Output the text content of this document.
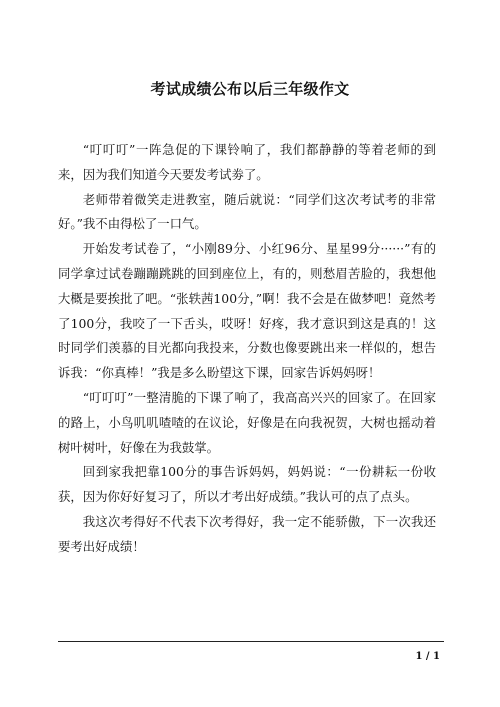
考试成绩公布以后三年级作文

“叮叮叮”一阵急促的下课铃响了，我们都静静的等着老师的到来，因为我们知道今天要发考试劵了。

老师带着微笑走进教室，随后就说：“同学们这次考试考的非常好。”我不由得松了一口气。

开始发考试卷了，“小刚89分、小红96分、星星99分······”有的同学拿过试卷蹦蹦跳跳的回到座位上，有的，则愁眉苦脸的，我想他大概是要挨批了吧。“张轶茜100分，”啊！我不会是在做梦吧！竟然考了100分，我咬了一下舌头，哎呀！好疼，我才意识到这是真的！这时同学们羡慕的目光都向我投来，分数也像要跳出来一样似的，想告诉我：“你真棒！”我是多么盼望这下课，回家告诉妈妈呀！

“叮叮叮”一整清脆的下课了响了，我高高兴兴的回家了。在回家的路上，小鸟叽叽喳喳的在议论，好像是在向我祝贺，大树也摇动着树叶树叶，好像在为我鼓掌。

回到家我把靠100分的事告诉妈妈，妈妈说：“一份耕耘一份收获，因为你好好复习了，所以才考出好成绩。”我认可的点了点头。

我这次考得好不代表下次考得好，我一定不能骄傲，下一次我还要考出好成绩！

1 / 1
